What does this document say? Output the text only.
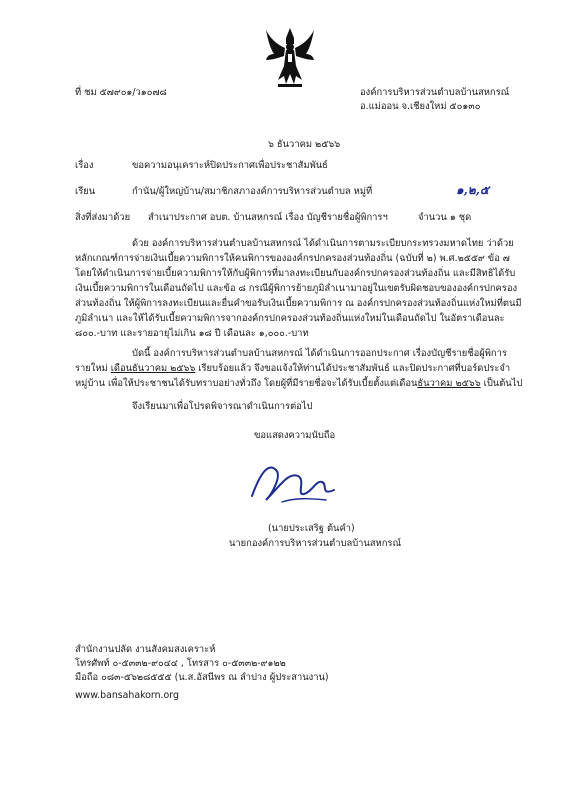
ที่ ชม ๕๗๙๐๑/ว๑๐๗๘	องค์การบริหารส่วนตำบลบ้านสหกรณ์
อ.แม่ออน จ.เชียงใหม่ ๕๐๑๓๐
๖ ธันวาคม ๒๕๖๖
เรื่อง	ขอความอนุเคราะห์ปิดประกาศเพื่อประชาสัมพันธ์
เรียน	กำนัน/ผู้ใหญ่บ้าน/สมาชิกสภาองค์การบริหารส่วนตำบล หมู่ที่	๑,๒,๕
สิ่งที่ส่งมาด้วย สำเนาประกาศ อบต. บ้านสหกรณ์ เรื่อง บัญชีรายชื่อผู้พิการฯ	จำนวน ๑ ชุด
ด้วย องค์การบริหารส่วนตำบลบ้านสหกรณ์ ได้ดำเนินการตามระเบียบกระทรวงมหาดไทย ว่าด้วย
หลักเกณฑ์การจ่ายเงินเบี้ยความพิการให้คนพิการขององค์กรปกครองส่วนท้องถิ่น (ฉบับที่ ๒) พ.ศ.๒๕๕๙ ข้อ ๗
โดยให้ดำเนินการจ่ายเบี้ยความพิการให้กับผู้พิการที่มาลงทะเบียนกับองค์กรปกครองส่วนท้องถิ่น และมีสิทธิได้รับ
เงินเบี้ยความพิการในเดือนถัดไป และข้อ ๘ กรณีผู้พิการย้ายภูมิลำเนามาอยู่ในเขตรับผิดชอบขององค์กรปกครอง
ส่วนท้องถิ่น ให้ผู้พิการลงทะเบียนและยื่นคำขอรับเงินเบี้ยความพิการ ณ องค์กรปกครองส่วนท้องถิ่นแห่งใหม่ที่ตนมี
ภูมิลำเนา และให้ได้รับเบี้ยความพิการจากองค์กรปกครองส่วนท้องถิ่นแห่งใหม่ในเดือนถัดไป ในอัตราเดือนละ
๘๐๐.-บาท และรายอายุไม่เกิน ๑๘ ปี เดือนละ ๑,๐๐๐.-บาท
บัดนี้ องค์การบริหารส่วนตำบลบ้านสหกรณ์ ได้ดำเนินการออกประกาศ เรื่องบัญชีรายชื่อผู้พิการ
รายใหม่ เดือนธันวาคม ๒๕๖๖ เรียบร้อยแล้ว จึงขอแจ้งให้ท่านได้ประชาสัมพันธ์ และปิดประกาศที่บอร์ดประจำ
หมู่บ้าน เพื่อให้ประชาชนได้รับทราบอย่างทั่วถึง โดยผู้ที่มีรายชื่อจะได้รับเบี้ยตั้งแต่เดือนธันวาคม ๒๕๖๖ เป็นต้นไป
จึงเรียนมาเพื่อโปรดพิจารณาดำเนินการต่อไป
ขอแสดงความนับถือ
(นายประเสริฐ ต้นคำ)
นายกองค์การบริหารส่วนตำบลบ้านสหกรณ์
สำนักงานปลัด งานสังคมสงเคราะห์
โทรศัพท์ ๐-๕๓๓๒-๙๐๔๔ , โทรสาร ๐-๕๓๓๒-๙๑๒๒
มือถือ ๐๘๓-๕๖๒๘๕๕๕ (น.ส.อัสนีพร ณ ลำปาง ผู้ประสานงาน)
www.bansahakorn.org
